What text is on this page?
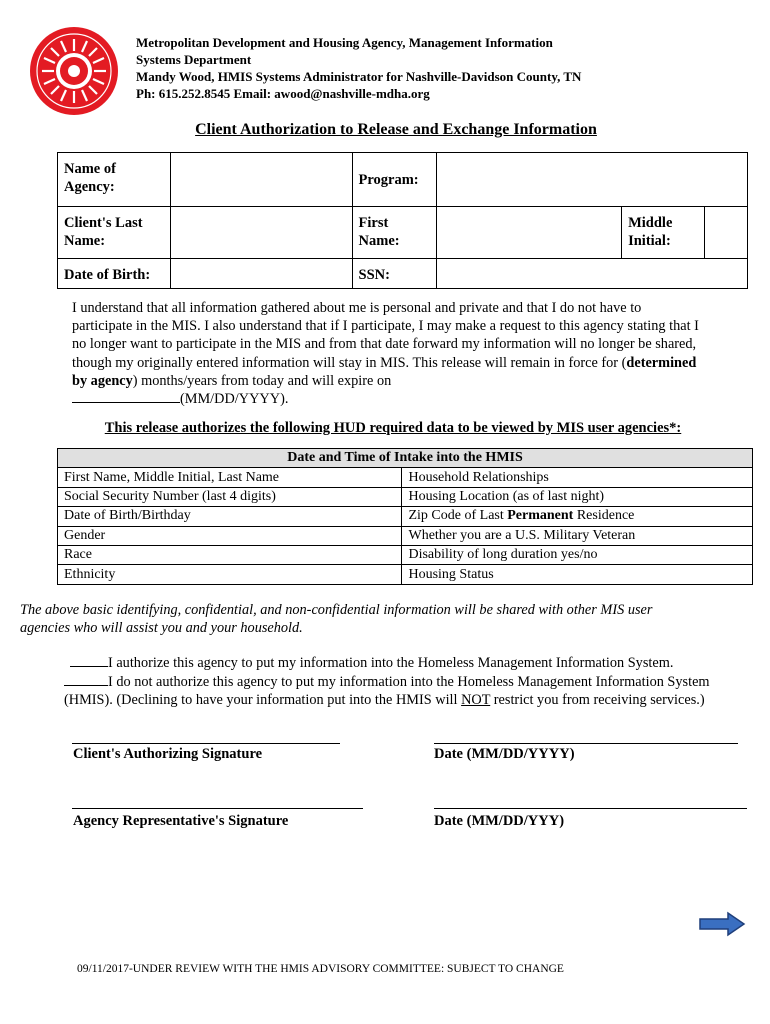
Metropolitan Development and Housing Agency, Management Information
Systems Department
Mandy Wood, HMIS Systems Administrator for Nashville-Davidson County, TN
Ph: 615.252.8545 Email: awood@nashville-mdha.org
Client Authorization to Release and Exchange Information
Name of Agency:		Program:			
Client's Last Name:		First Name:		Middle Initial:	
Date of Birth:		SSN:			
I understand that all information gathered about me is personal and private and that I do not have to participate in the MIS. I also understand that if I participate, I may make a request to this agency stating that I no longer want to participate in the MIS and from that date forward my information will no longer be shared, though my originally entered information will stay in MIS. This release will remain in force for (determined by agency) months/years from today and will expire on
(MM/DD/YYYY).
This release authorizes the following HUD required data to be viewed by MIS user agencies*:
Date and Time of Intake into the HMIS	
First Name, Middle Initial, Last Name	Household Relationships
Social Security Number (last 4 digits)	Housing Location (as of last night)
Date of Birth/Birthday	Zip Code of Last Permanent Residence
Gender	Whether you are a U.S. Military Veteran
Race	Disability of long duration yes/no
Ethnicity	Housing Status
The above basic identifying, confidential, and non-confidential information will be shared with other MIS user agencies who will assist you and your household.
I authorize this agency to put my information into the Homeless Management Information System.
I do not authorize this agency to put my information into the Homeless Management Information System (HMIS). (Declining to have your information put into the HMIS will NOT restrict you from receiving services.)
Client's Authorizing Signature	Date (MM/DD/YYYY)
Agency Representative's Signature	Date (MM/DD/YYY)
09/11/2017-UNDER REVIEW WITH THE HMIS ADVISORY COMMITTEE: SUBJECT TO CHANGE
